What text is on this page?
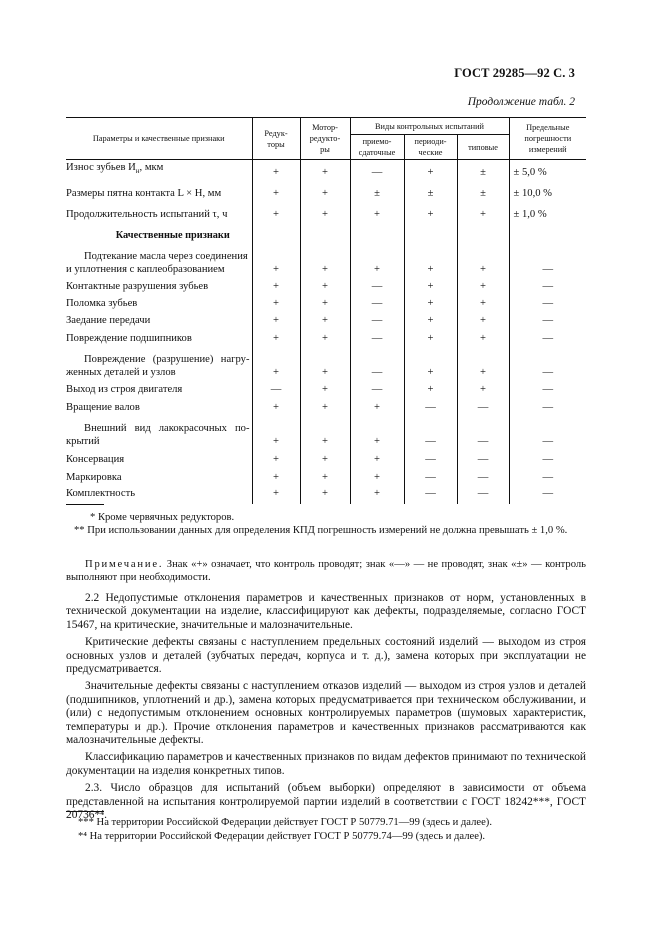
ГОСТ 29285—92 С. 3
Продолжение табл. 2
Параметры и качественные признаки	Редук-торы	Мотор-редукто-ры	Виды контрольных испытаний			Предельные погрешности измерений
			приемо-сдаточные	периоди-ческие	типовые	
Износ зубьев $И_н$, мкм	+	+	—	+	±	± 5,0 %
Размеры пятна контакта L × H, мм	+	+	±	±	±	± 10,0 %
Продолжительность испытаний τ, ч	+	+	+	+	+	± 1,0 %
Качественные признаки						
Подтекание масла через соединения и уплотнения с каплеобразованием	+	+	+	+	+	—
Контактные разрушения зубьев	+	+	—	+	+	—
Поломка зубьев	+	+	—	+	+	—
Заедание передачи	+	+	—	+	+	—
Повреждение подшипников	+	+	—	+	+	—
Повреждение (разрушение) нагру-женных деталей и узлов	+	+	—	+	+	—
Выход из строя двигателя	—	+	—	+	+	—
Вращение валов	+	+	+	—	—	—
Внешний вид лакокрасочных по-крытий	+	+	+	—	—	—
Консервация	+	+	+	—	—	—
Маркировка	+	+	+	—	—	—
Комплектность	+	+	+	—	—	—
* Кроме червячных редукторов.
** При использовании данных для определения КПД погрешность измерений не должна превышать ± 1,0 %.
Примечание. Знак «+» означает, что контроль проводят; знак «—» — не проводят, знак «±» — контроль выполняют при необходимости.

2.2 Недопустимые отклонения параметров и качественных признаков от норм, установленных в технической документации на изделие, классифицируют как дефекты, подразделяемые, согласно ГОСТ 15467, на критические, значительные и малозначительные.

Критические дефекты связаны с наступлением предельных состояний изделий — выходом из строя основных узлов и деталей (зубчатых передач, корпуса и т. д.), замена которых при эксплуатации не предусматривается.

Значительные дефекты связаны с наступлением отказов изделий — выходом из строя узлов и деталей (подшипников, уплотнений и др.), замена которых предусматривается при техническом обслуживании, и (или) с недопустимым отклонением основных контролируемых параметров (шумовых характеристик, температуры и др.). Прочие отклонения параметров и качественных признаков рассматриваются как малозначительные дефекты.

Классификацию параметров и качественных признаков по видам дефектов принимают по технической документации на изделия конкретных типов.

2.3. Число образцов для испытаний (объем выборки) определяют в зависимости от объема представленной на испытания контролируемой партии изделий в соответствии с ГОСТ 18242***, ГОСТ 20736*⁴.

*** На территории Российской Федерации действует ГОСТ Р 50779.71—99 (здесь и далее).
*⁴ На территории Российской Федерации действует ГОСТ Р 50779.74—99 (здесь и далее).
